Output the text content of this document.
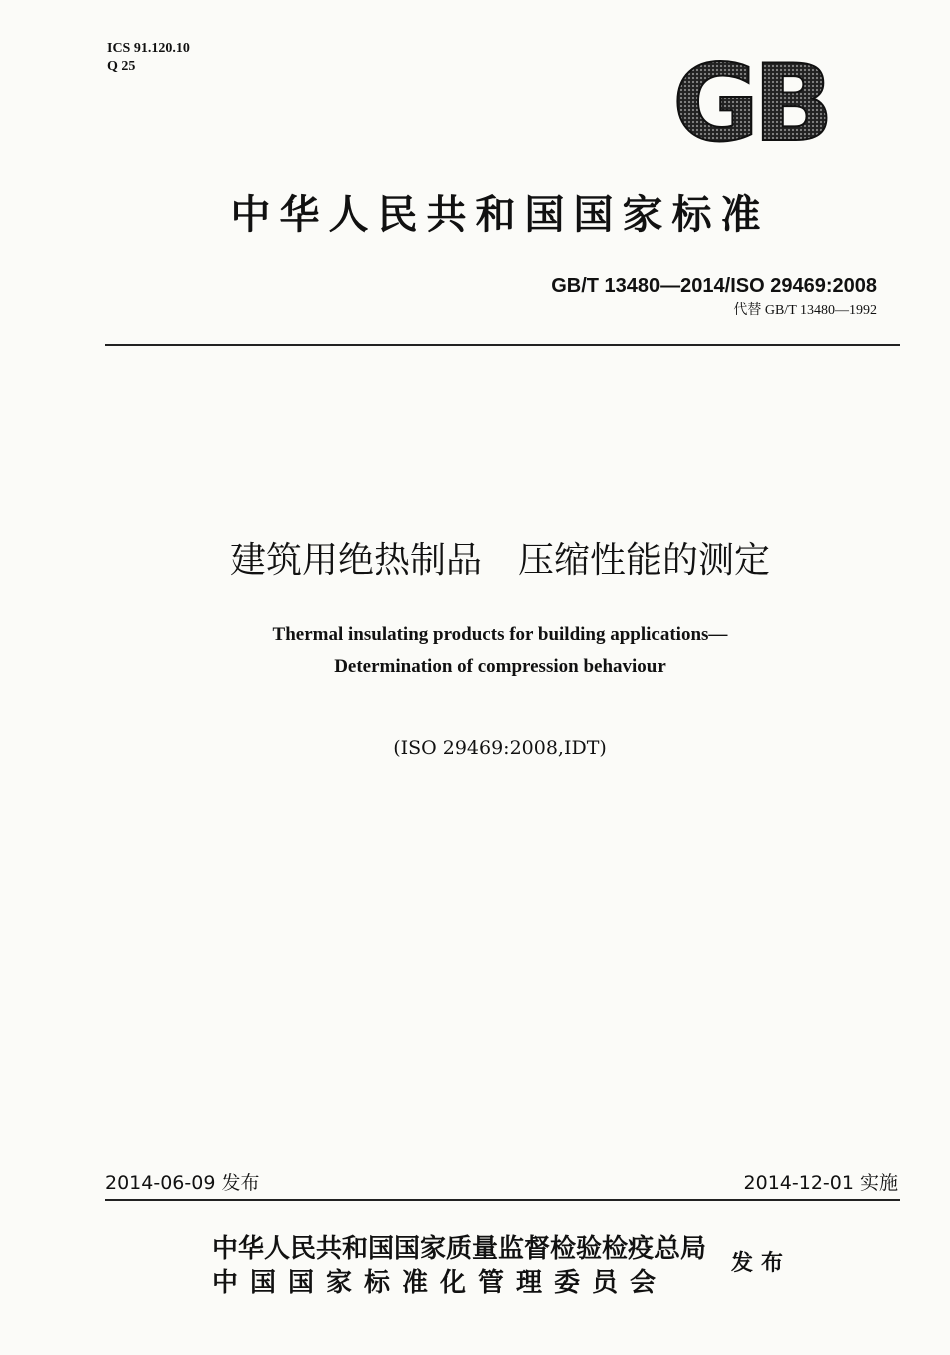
ICS 91.120.10
Q 25	GB
中华人民共和国国家标准
GB/T 13480—2014/ISO 29469:2008
代替 GB/T 13480—1992
建筑用绝热制品　压缩性能的测定
Thermal insulating products for building applications—
Determination of compression behaviour
(ISO 29469:2008,IDT)
2014-06-09 发布	2014-12-01 实施
中华人民共和国国家质量监督检验检疫总局
中国国家标准化管理委员会
发布
